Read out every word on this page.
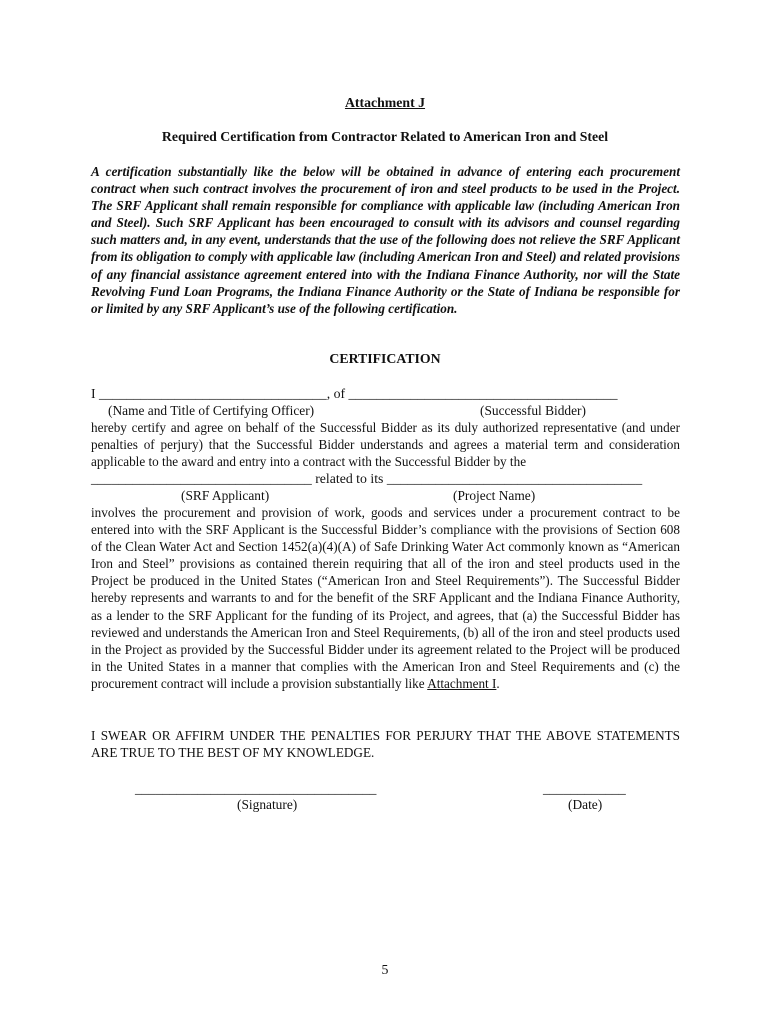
Attachment J
Required Certification from Contractor Related to American Iron and Steel
A certification substantially like the below will be obtained in advance of entering each procurement contract when such contract involves the procurement of iron and steel products to be used in the Project. The SRF Applicant shall remain responsible for compliance with applicable law (including American Iron and Steel). Such SRF Applicant has been encouraged to consult with its advisors and counsel regarding such matters and, in any event, understands that the use of the following does not relieve the SRF Applicant from its obligation to comply with applicable law (including American Iron and Steel) and related provisions of any financial assistance agreement entered into with the Indiana Finance Authority, nor will the State Revolving Fund Loan Programs, the Indiana Finance Authority or the State of Indiana be responsible for or limited by any SRF Applicant’s use of the following certification.
CERTIFICATION
I _________________________________, of _______________________________________
(Name and Title of Certifying Officer)	(Successful Bidder)
hereby certify and agree on behalf of the Successful Bidder as its duly authorized representative (and under penalties of perjury) that the Successful Bidder understands and agrees a material term and consideration applicable to the award and entry into a contract with the Successful Bidder by the
________________________________ related to its _____________________________________
(SRF Applicant)	(Project Name)
involves the procurement and provision of work, goods and services under a procurement contract to be entered into with the SRF Applicant is the Successful Bidder’s compliance with the provisions of Section 608 of the Clean Water Act and Section 1452(a)(4)(A) of Safe Drinking Water Act commonly known as “American Iron and Steel” provisions as contained therein requiring that all of the iron and steel products used in the Project be produced in the United States (“American Iron and Steel Requirements”). The Successful Bidder hereby represents and warrants to and for the benefit of the SRF Applicant and the Indiana Finance Authority, as a lender to the SRF Applicant for the funding of its Project, and agrees, that (a) the Successful Bidder has reviewed and understands the American Iron and Steel Requirements, (b) all of the iron and steel products used in the Project as provided by the Successful Bidder under its agreement related to the Project will be produced in the United States in a manner that complies with the American Iron and Steel Requirements and (c) the procurement contract will include a provision substantially like Attachment I.
I SWEAR OR AFFIRM UNDER THE PENALTIES FOR PERJURY THAT THE ABOVE STATEMENTS ARE TRUE TO THE BEST OF MY KNOWLEDGE.
___________________________________	____________
(Signature)	(Date)
5
